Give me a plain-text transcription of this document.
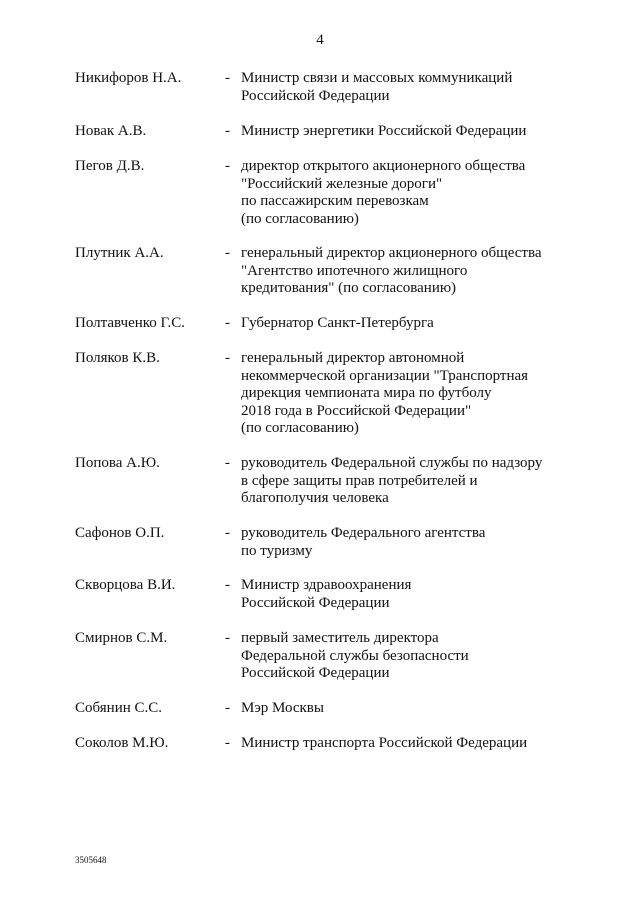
4
Никифоров Н.А.	- Министр связи и массовых коммуникаций
Российской Федерации
Новак А.В.	- Министр энергетики Российской Федерации
Пегов Д.В.	- директор открытого акционерного общества
"Российский железные дороги"
по пассажирским перевозкам
(по согласованию)
Плутник А.А.	- генеральный директор акционерного общества
"Агентство ипотечного жилищного
кредитования" (по согласованию)
Полтавченко Г.С.	- Губернатор Санкт-Петербурга
Поляков К.В.	- генеральный директор автономной
некоммерческой организации "Транспортная
дирекция чемпионата мира по футболу
2018 года в Российской Федерации"
(по согласованию)
Попова А.Ю.	- руководитель Федеральной службы по надзору
в сфере защиты прав потребителей и
благополучия человека
Сафонов О.П.	- руководитель Федерального агентства
по туризму
Скворцова В.И.	- Министр здравоохранения
Российской Федерации
Смирнов С.М.	- первый заместитель директора
Федеральной службы безопасности
Российской Федерации
Собянин С.С.	- Мэр Москвы
Соколов М.Ю.	- Министр транспорта Российской Федерации
3505648
